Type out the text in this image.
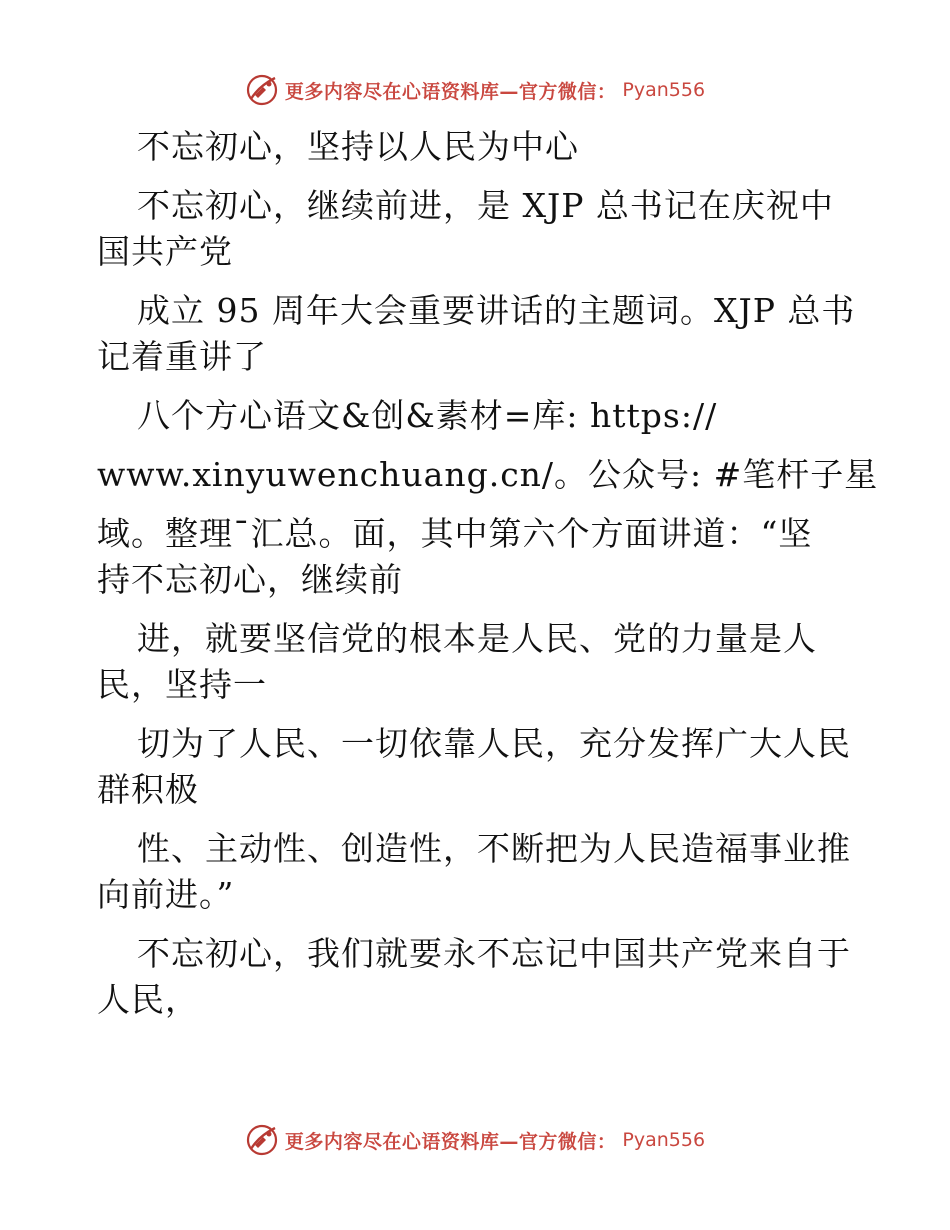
更多内容尽在心语资料库—官方微信： Pyan556
不忘初心，坚持以人民为中心
不忘初心，继续前进，是 XJP 总书记在庆祝中
国共产党
成立 95 周年大会重要讲话的主题词。XJP 总书
记着重讲了
八个方心语文&创&素材=库: https://
www.xinyuwenchuang.cn/。公众号: #笔杆子星
域。整理¯汇总。面，其中第六个方面讲道：“坚
持不忘初心，继续前
进，就要坚信党的根本是人民、党的力量是人
民，坚持一
切为了人民、一切依靠人民，充分发挥广大人民
群积极
性、主动性、创造性，不断把为人民造福事业推
向前进。”
不忘初心，我们就要永不忘记中国共产党来自于
人民，
更多内容尽在心语资料库—官方微信： Pyan556
